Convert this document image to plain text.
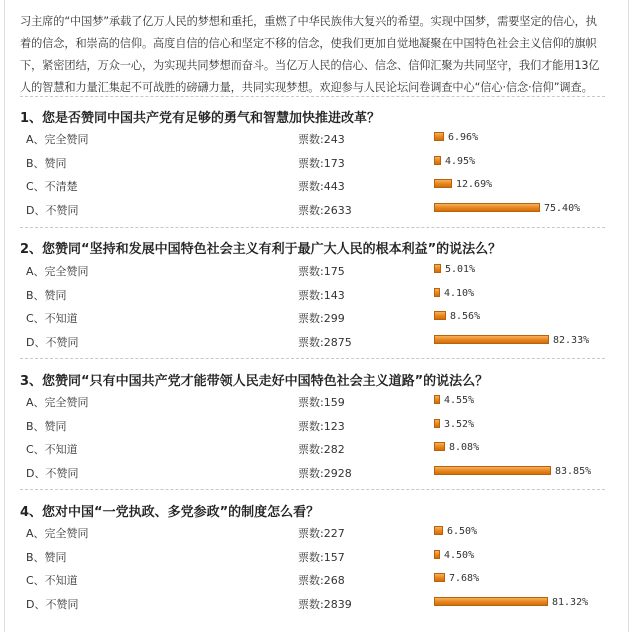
习主席的“中国梦”承载了亿万人民的梦想和重托，重燃了中华民族伟大复兴的希望。实现中国梦，需要坚定的信心，执着的信念，和崇高的信仰。高度自信的信心和坚定不移的信念，使我们更加自觉地凝聚在中国特色社会主义信仰的旗帜下，紧密团结，万众一心，为实现共同梦想而奋斗。当亿万人民的信心、信念、信仰汇聚为共同坚守，我们才能用13亿人的智慧和力量汇集起不可战胜的磅礴力量，共同实现梦想。欢迎参与人民论坛问卷调查中心“信心·信念·信仰”调查。
1、您是否赞同中国共产党有足够的勇气和智慧加快推进改革？
A、完全赞同	票数:243	6.96%
B、赞同	票数:173	4.95%
C、不清楚	票数:443	12.69%
D、不赞同	票数:2633	75.40%
2、您赞同“坚持和发展中国特色社会主义有利于最广大人民的根本利益”的说法么？
A、完全赞同	票数:175	5.01%
B、赞同	票数:143	4.10%
C、不知道	票数:299	8.56%
D、不赞同	票数:2875	82.33%
3、您赞同“只有中国共产党才能带领人民走好中国特色社会主义道路”的说法么？
A、完全赞同	票数:159	4.55%
B、赞同	票数:123	3.52%
C、不知道	票数:282	8.08%
D、不赞同	票数:2928	83.85%
4、您对中国“一党执政、多党参政”的制度怎么看？
A、完全赞同	票数:227	6.50%
B、赞同	票数:157	4.50%
C、不知道	票数:268	7.68%
D、不赞同	票数:2839	81.32%
